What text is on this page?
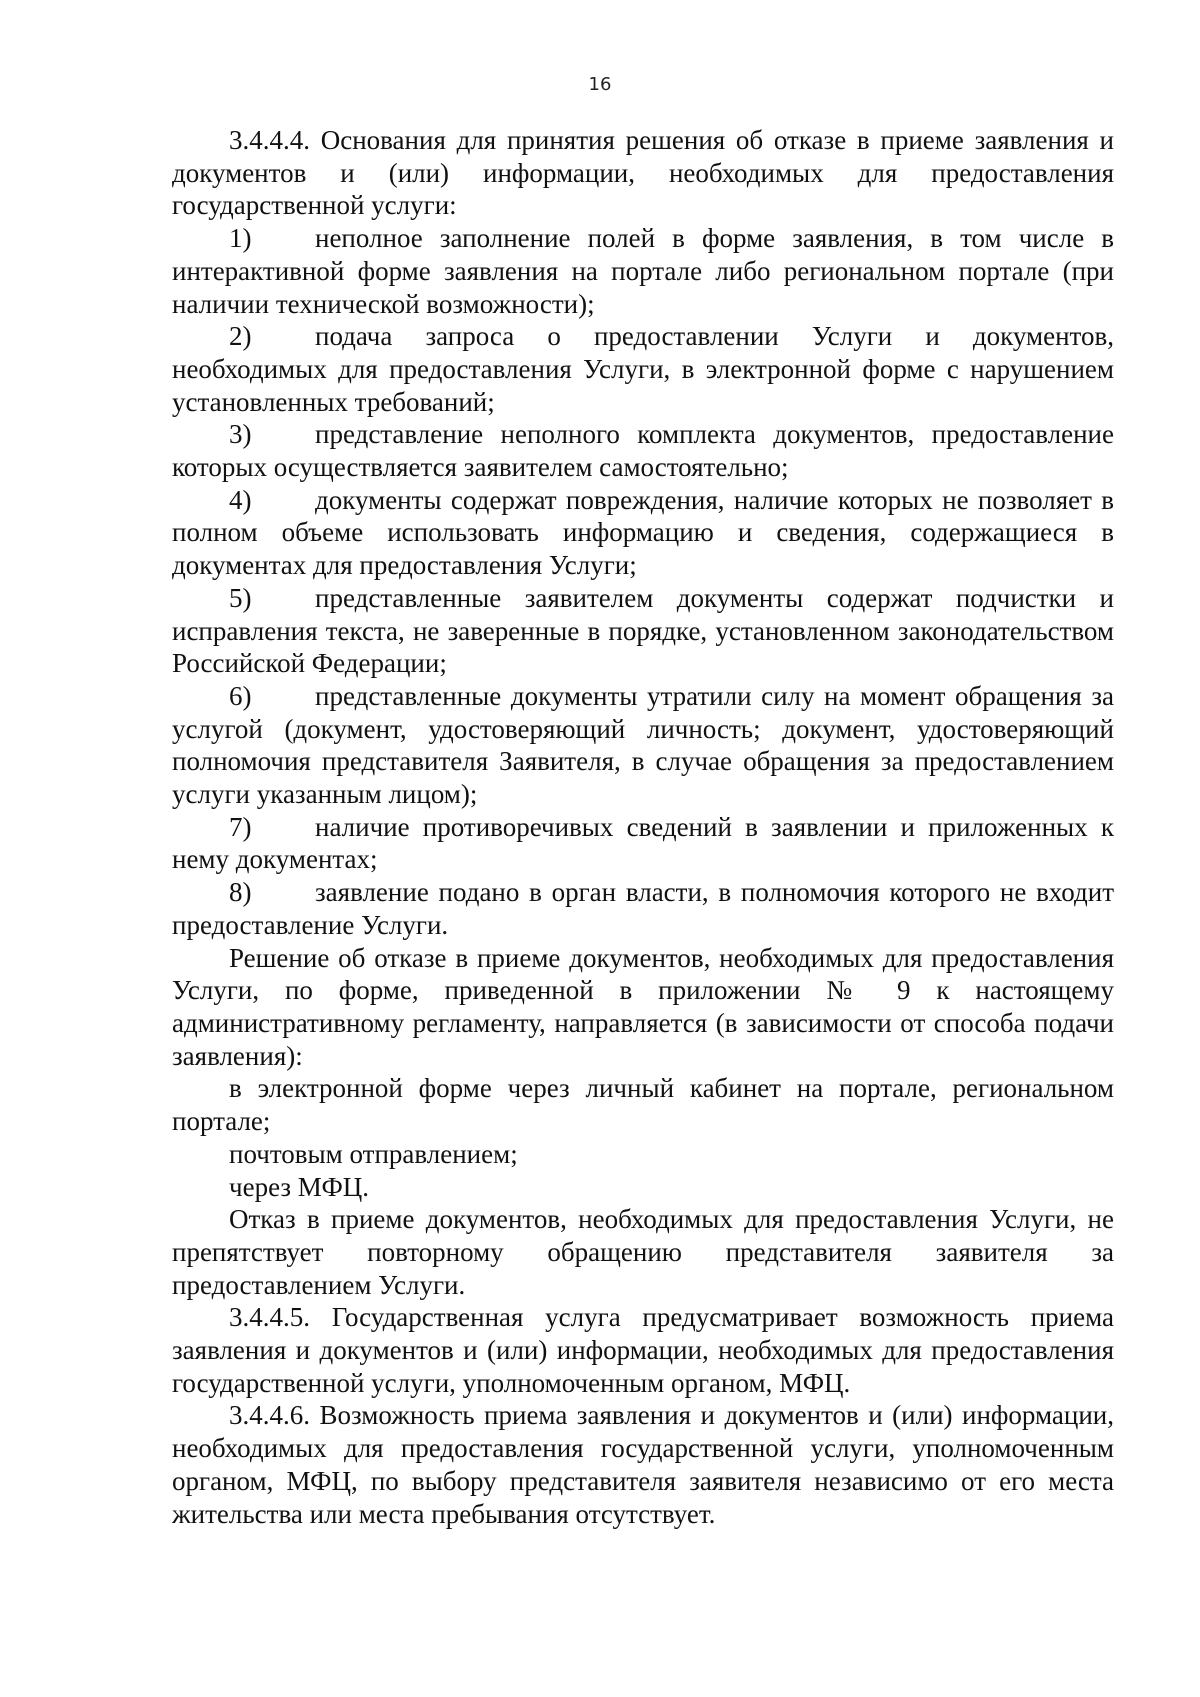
16

3.4.4.4. Основания для принятия решения об отказе в приеме заявления и документов и (или) информации, необходимых для предоставления государственной услуги:

1) неполное заполнение полей в форме заявления, в том числе в интерактивной форме заявления на портале либо региональном портале (при наличии технической возможности);

2) подача запроса о предоставлении Услуги и документов, необходимых для предоставления Услуги, в электронной форме с нарушением установленных требований;

3) представление неполного комплекта документов, предоставление которых осуществляется заявителем самостоятельно;

4) документы содержат повреждения, наличие которых не позволяет в полном объеме использовать информацию и сведения, содержащиеся в документах для предоставления Услуги;

5) представленные заявителем документы содержат подчистки и исправления текста, не заверенные в порядке, установленном законодательством Российской Федерации;

6) представленные документы утратили силу на момент обращения за услугой (документ, удостоверяющий личность; документ, удостоверяющий полномочия представителя Заявителя, в случае обращения за предоставлением услуги указанным лицом);

7) наличие противоречивых сведений в заявлении и приложенных к нему документах;

8) заявление подано в орган власти, в полномочия которого не входит предоставление Услуги.

Решение об отказе в приеме документов, необходимых для предоставления Услуги, по форме, приведенной в приложении № 9 к настоящему административному регламенту, направляется (в зависимости от способа подачи заявления):

в электронной форме через личный кабинет на портале, региональном портале;

почтовым отправлением;

через МФЦ.

Отказ в приеме документов, необходимых для предоставления Услуги, не препятствует повторному обращению представителя заявителя за предоставлением Услуги.

3.4.4.5. Государственная услуга предусматривает возможность приема заявления и документов и (или) информации, необходимых для предоставления государственной услуги, уполномоченным органом, МФЦ.

3.4.4.6. Возможность приема заявления и документов и (или) информации, необходимых для предоставления государственной услуги, уполномоченным органом, МФЦ, по выбору представителя заявителя независимо от его места жительства или места пребывания отсутствует.
